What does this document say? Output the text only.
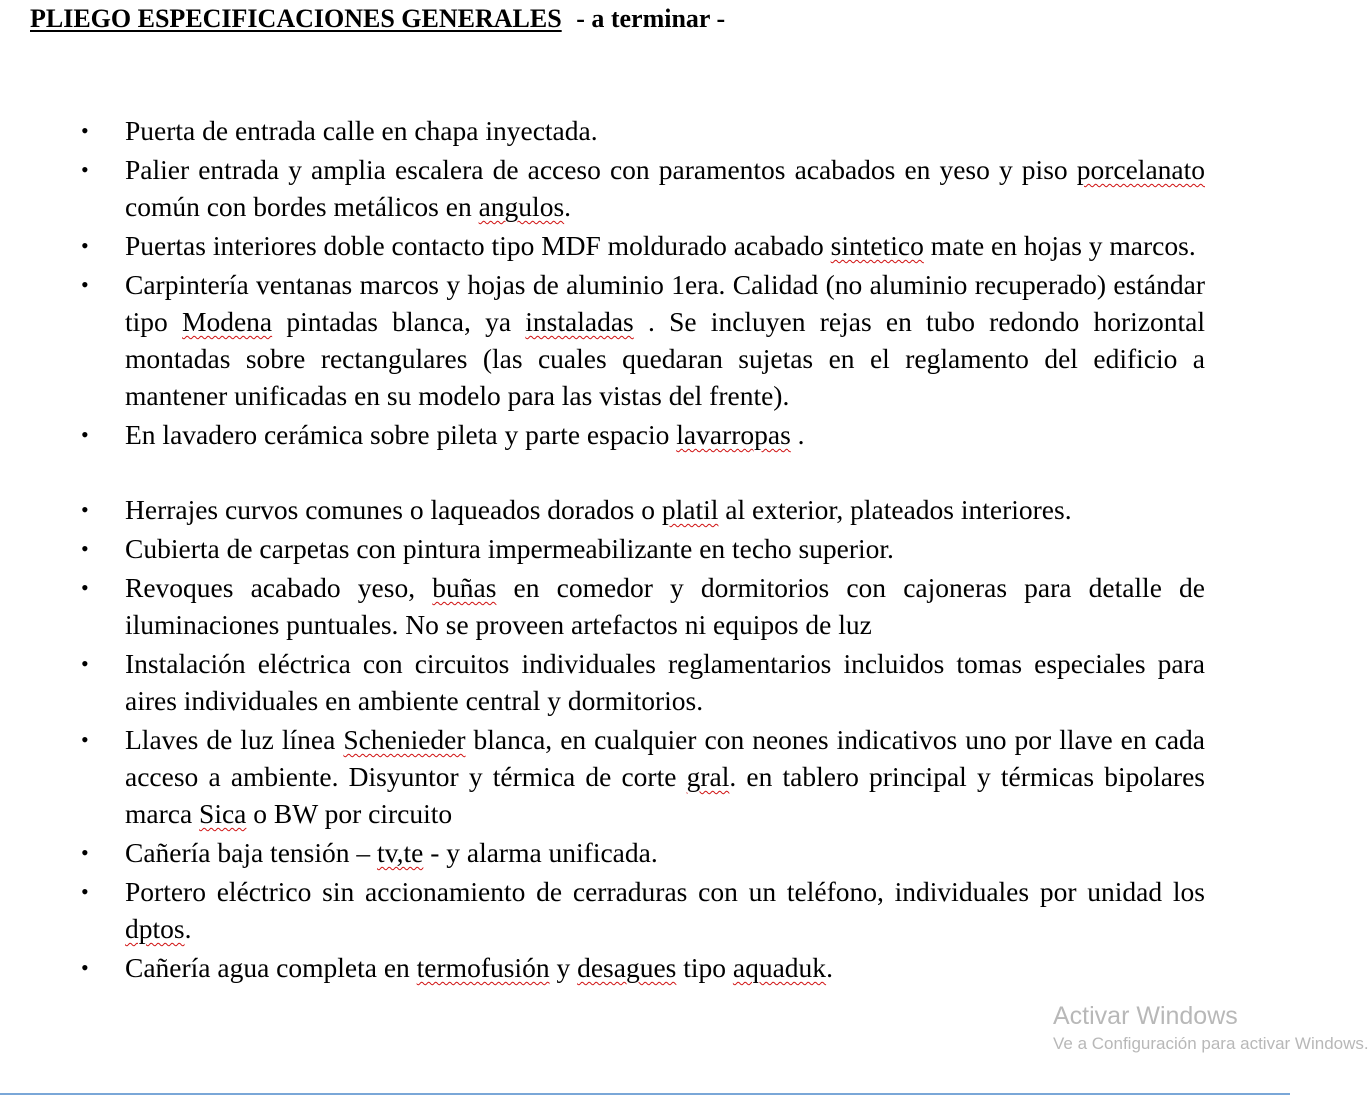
PLIEGO ESPECIFICACIONES GENERALES - a terminar -
• Puerta de entrada calle en chapa inyectada.
• Palier entrada y amplia escalera de acceso con paramentos acabados en yeso y piso porcelanato común con bordes metálicos en angulos.
• Puertas interiores doble contacto tipo MDF moldurado acabado sintetico mate en hojas y marcos.
• Carpintería ventanas marcos y hojas de aluminio 1era. Calidad (no aluminio recuperado) estándar tipo Modena pintadas blanca, ya instaladas . Se incluyen rejas en tubo redondo horizontal montadas sobre rectangulares (las cuales quedaran sujetas en el reglamento del edificio a mantener unificadas en su modelo para las vistas del frente).
• En lavadero cerámica sobre pileta y parte espacio lavarropas .
• Herrajes curvos comunes o laqueados dorados o platil al exterior, plateados interiores.
• Cubierta de carpetas con pintura impermeabilizante en techo superior.
• Revoques acabado yeso, buñas en comedor y dormitorios con cajoneras para detalle de iluminaciones puntuales. No se proveen artefactos ni equipos de luz
• Instalación eléctrica con circuitos individuales reglamentarios incluidos tomas especiales para aires individuales en ambiente central y dormitorios.
• Llaves de luz línea Schenieder blanca, en cualquier con neones indicativos uno por llave en cada acceso a ambiente. Disyuntor y térmica de corte gral. en tablero principal y térmicas bipolares marca Sica o BW por circuito
• Cañería baja tensión – tv,te - y alarma unificada.
• Portero eléctrico sin accionamiento de cerraduras con un teléfono, individuales por unidad los dptos.
• Cañería agua completa en termofusión y desagues tipo aquaduk.
Activar Windows
Ve a Configuración para activar Windows.
